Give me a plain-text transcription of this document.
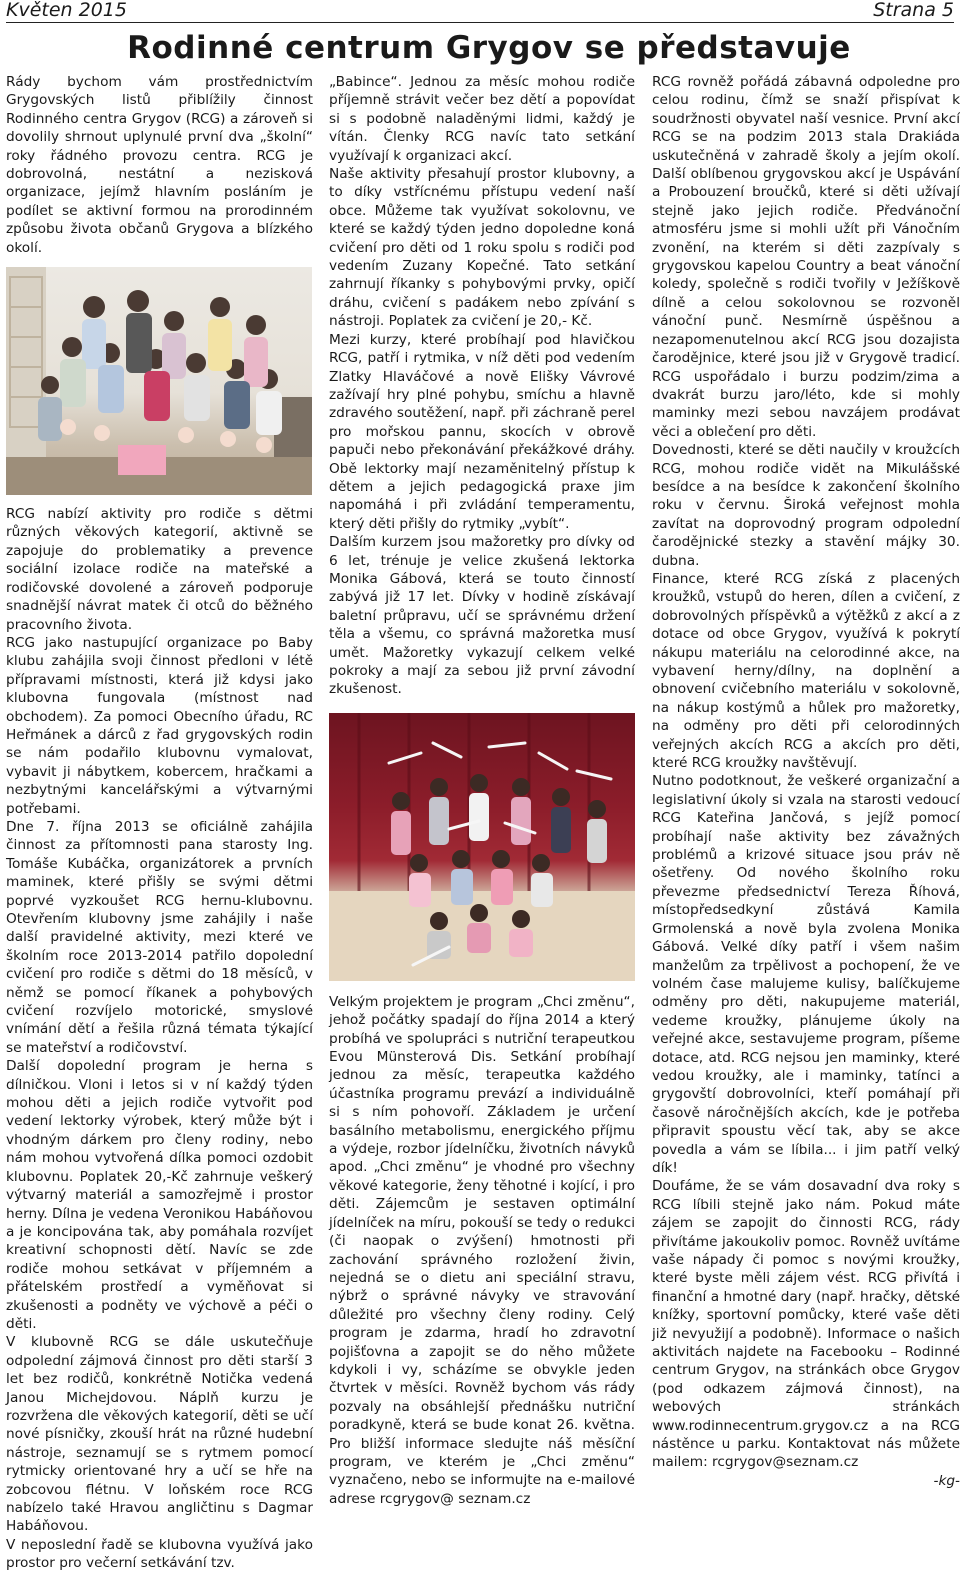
Květen 2015	Strana 5
Rodinné centrum Grygov se představuje

Rády bychom vám prostřednictvím Grygovských listů přiblížily činnost Rodinného centra Grygov (RCG) a zároveň si dovolily shrnout uplynulé první dva „školní“ roky řádného provozu centra. RCG je dobrovolná, nestátní a nezisková organizace, jejímž hlavním posláním je podílet se aktivní formou na prorodinném způsobu života občanů Grygova a blízkého okolí.

RCG nabízí aktivity pro rodiče s dětmi různých věkových kategorií, aktivně se zapojuje do problematiky a prevence sociální izolace rodiče na mateřské a rodičovské dovolené a zároveň podporuje snadnější návrat matek či otců do běžného pracovního života.

RCG jako nastupující organizace po Baby klubu zahájila svoji činnost předloni v létě přípravami místnosti, která již kdysi jako klubovna fungovala (místnost nad obchodem). Za pomoci Obecního úřadu, RC Heřmánek a dárců z řad grygovských rodin se nám podařilo klubovnu vymalovat, vybavit ji nábytkem, kobercem, hračkami a nezbytnými kancelářskými a výtvarnými potřebami.

Dne 7. října 2013 se oficiálně zahájila činnost za přítomnosti pana starosty Ing. Tomáše Kubáčka, organizátorek a prvních maminek, které přišly se svými dětmi poprvé vyzkoušet RCG hernu-klubovnu. Otevřením klubovny jsme zahájily i naše další pravidelné aktivity, mezi které ve školním roce 2013-2014 patřilo dopolední cvičení pro rodiče s dětmi do 18 měsíců, v němž se pomocí říkanek a pohybových cvičení rozvíjelo motorické, smyslové vnímání dětí a řešila různá témata týkající se mateřství a rodičovství.

Další dopolední program je herna s dílničkou. Vloni i letos si v ní každý týden mohou děti a jejich rodiče vytvořit pod vedení lektorky výrobek, který může být i vhodným dárkem pro členy rodiny, nebo nám mohou vytvořená dílka pomoci ozdobit klubovnu. Poplatek 20,-Kč zahrnuje veškerý výtvarný materiál a samozřejmě i prostor herny. Dílna je vedena Veronikou Habáňovou a je koncipována tak, aby pomáhala rozvíjet kreativní schopnosti dětí. Navíc se zde rodiče mohou setkávat v příjemném a přátelském prostředí a vyměňovat si zkušenosti a podněty ve výchově a péči o děti.

V klubovně RCG se dále uskutečňuje odpolední zájmová činnost pro děti starší 3 let bez rodičů, konkrétně Notička vedená Janou Michejdovou. Náplň kurzu je rozvržena dle věkových kategorií, děti se učí nové písničky, zkouší hrát na různé hudební nástroje, seznamují se s rytmem pomocí rytmicky orientované hry a učí se hře na zobcovou flétnu. V loňském roce RCG nabízelo také Hravou angličtinu s Dagmar Habáňovou.

V neposlední řadě se klubovna využívá jako prostor pro večerní setkávání tzv.

„Babince“. Jednou za měsíc mohou rodiče příjemně strávit večer bez dětí a popovídat si s podobně naladěnými lidmi, každý je vítán. Členky RCG navíc tato setkání využívají k organizaci akcí.

Naše aktivity přesahují prostor klubovny, a to díky vstřícnému přístupu vedení naší obce. Můžeme tak využívat sokolovnu, ve které se každý týden jedno dopoledne koná cvičení pro děti od 1 roku spolu s rodiči pod vedením Zuzany Kopečné. Tato setkání zahrnují říkanky s pohybovými prvky, opičí dráhu, cvičení s padákem nebo zpívání s nástroji. Poplatek za cvičení je 20,- Kč.

Mezi kurzy, které probíhají pod hlavičkou RCG, patří i rytmika, v níž děti pod vedením Zlatky Hlaváčové a nově Elišky Vávrové zažívají hry plné pohybu, smíchu a hlavně zdravého soutěžení, např. při záchraně perel pro mořskou pannu, skocích v obrově papuči nebo překonávání překážkové dráhy. Obě lektorky mají nezaměnitelný přístup k dětem a jejich pedagogická praxe jim napomáhá i při zvládání temperamentu, který děti přišly do rytmiky „vybít“.

Dalším kurzem jsou mažoretky pro dívky od 6 let, trénuje je velice zkušená lektorka Monika Gábová, která se touto činností zabývá již 17 let. Dívky v hodině získávají baletní průpravu, učí se správnému držení těla a všemu, co správná mažoretka musí umět. Mažoretky vykazují celkem velké pokroky a mají za sebou již první závodní zkušenost.

Velkým projektem je program „Chci změnu“, jehož počátky spadají do října 2014 a který probíhá ve spolupráci s nutriční terapeutkou Evou Münsterová Dis. Setkání probíhají jednou za měsíc, terapeutka každého účastníka programu prevází a individuálně si s ním pohovoří. Základem je určení basálního metabolismu, energického příjmu a výdeje, rozbor jídelníčku, životních návyků apod. „Chci změnu“ je vhodné pro všechny věkové kategorie, ženy těhotné i kojící, i pro děti. Zájemcům je sestaven optimální jídelníček na míru, pokouší se tedy o redukci (či naopak o zvýšení) hmotnosti při zachování správného rozložení živin, nejedná se o dietu ani speciální stravu, nýbrž o správné návyky ve stravování důležité pro všechny členy rodiny. Celý program je zdarma, hradí ho zdravotní pojišťovna a zapojit se do něho můžete kdykoli i vy, scházíme se obvykle jeden čtvrtek v měsíci. Rovněž bychom vás rády pozvaly na obsáhlejší přednášku nutriční poradkyně, která se bude konat 26. května. Pro bližší informace sledujte náš měsíční program, ve kterém je „Chci změnu“ vyznačeno, nebo se informujte na e-mailové adrese rcgrygov@ seznam.cz

RCG rovněž pořádá zábavná odpoledne pro celou rodinu, čímž se snaží přispívat k soudržnosti obyvatel naší vesnice. První akcí RCG se na podzim 2013 stala Drakiáda uskutečněná v zahradě školy a jejím okolí. Další oblíbenou grygovskou akcí je Uspávání a Probouzení broučků, které si děti užívají stejně jako jejich rodiče. Předvánoční atmosféru jsme si mohli užít při Vánočním zvonění, na kterém si děti zazpívaly s grygovskou kapelou Country a beat vánoční koledy, společně s rodiči tvořily v Ježíškově dílně a celou sokolovnou se rozvoněl vánoční punč. Nesmírně úspěšnou a nezapomenutelnou akcí RCG jsou dozajista čarodějnice, které jsou již v Grygově tradicí. RCG uspořádalo i burzu podzim/zima a dvakrát burzu jaro/léto, kde si mohly maminky mezi sebou navzájem prodávat věci a oblečení pro děti.

Dovednosti, které se děti naučily v kroužcích RCG, mohou rodiče vidět na Mikulášské besídce a na besídce k zakončení školního roku v červnu. Široká veřejnost mohla zavítat na doprovodný program odpolední čarodějnické stezky a stavění májky 30. dubna.

Finance, které RCG získá z placených kroužků, vstupů do heren, dílen a cvičení, z dobrovolných příspěvků a výtěžků z akcí a z dotace od obce Grygov, využívá k pokrytí nákupu materiálu na celorodinné akce, na vybavení herny/dílny, na doplnění a obnovení cvičebního materiálu v sokolovně, na nákup kostýmů a hůlek pro mažoretky, na odměny pro děti při celorodinných veřejných akcích RCG a akcích pro děti, které RCG kroužky navštěvují.

Nutno podotknout, že veškeré organizační a legislativní úkoly si vzala na starosti vedoucí RCG Kateřina Jančová, s jejíž pomocí probíhají naše aktivity bez závažných problémů a krizové situace jsou práv ně ošetřeny. Od nového školního roku převezme předsednictví Tereza Říhová, místopředsedkyní zůstává Kamila Grmolenská a nově byla zvolena Monika Gábová. Velké díky patří i všem našim manželům za trpělivost a pochopení, že ve volném čase malujeme kulisy, balíčkujeme odměny pro děti, nakupujeme materiál, vedeme kroužky, plánujeme úkoly na veřejné akce, sestavujeme program, píšeme dotace, atd. RCG nejsou jen maminky, které vedou kroužky, ale i maminky, tatínci a grygovští dobrovolníci, kteří pomáhají při časově náročnějších akcích, kde je potřeba připravit spoustu věcí tak, aby se akce povedla a vám se líbila... i jim patří velký dík!

Doufáme, že se vám dosavadní dva roky s RCG líbili stejně jako nám. Pokud máte zájem se zapojit do činnosti RCG, rády přivítáme jakoukoliv pomoc. Rovněž uvítáme vaše nápady či pomoc s novými kroužky, které byste měli zájem vést. RCG přivítá i finanční a hmotné dary (např. hračky, dětské knížky, sportovní pomůcky, které vaše děti již nevyužijí a podobně). Informace o našich aktivitách najdete na Facebooku – Rodinné centrum Grygov, na stránkách obce Grygov (pod odkazem zájmová činnost), na webových stránkách www.rodinnecentrum.grygov.cz a na RCG nástěnce u parku. Kontaktovat nás můžete mailem: rcgrygov@seznam.cz

-kg-
